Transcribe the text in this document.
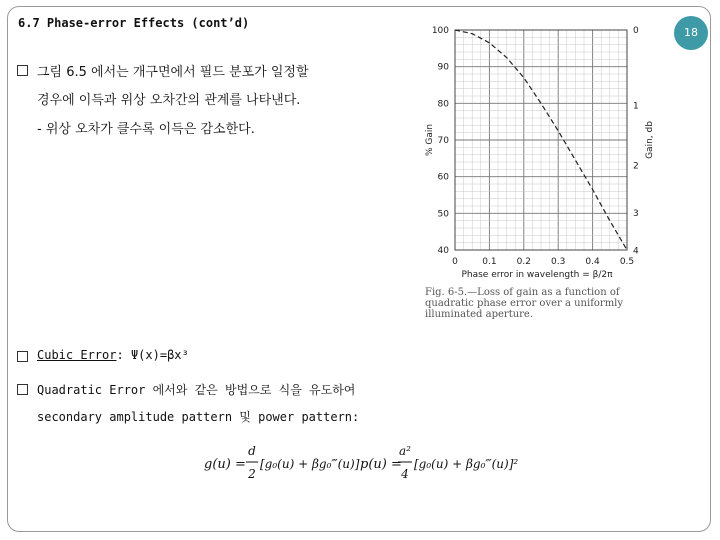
6.7 Phase-error Effects (cont’d)
18
그림 6.5 에서는 개구면에서 필드 분포가 일정할
경우에 이득과 위상 오차간의 관계를 나타낸다.
- 위상 오차가 클수록 이득은 감소한다.
40
50
60
70
80
90
100	0
1
2
3
4
0	0.1 0.2 0.3 0.4 0.5
Phase error in wavelength = β/2π
% Gain	Gain, db
Fig. 6-5.—Loss of gain as a function of quadratic phase error over a uniformly illuminated aperture.
Cubic Error: Ψ(x)=βx³
Quadratic Error 에서와 같은 방법으로 식을 유도하여
secondary amplitude pattern 및 power pattern:
g(u) =
d
2
[g₀(u) + βg₀‴(u)] p(u) =
a²
4
[g₀(u) + βg₀‴(u)]²
